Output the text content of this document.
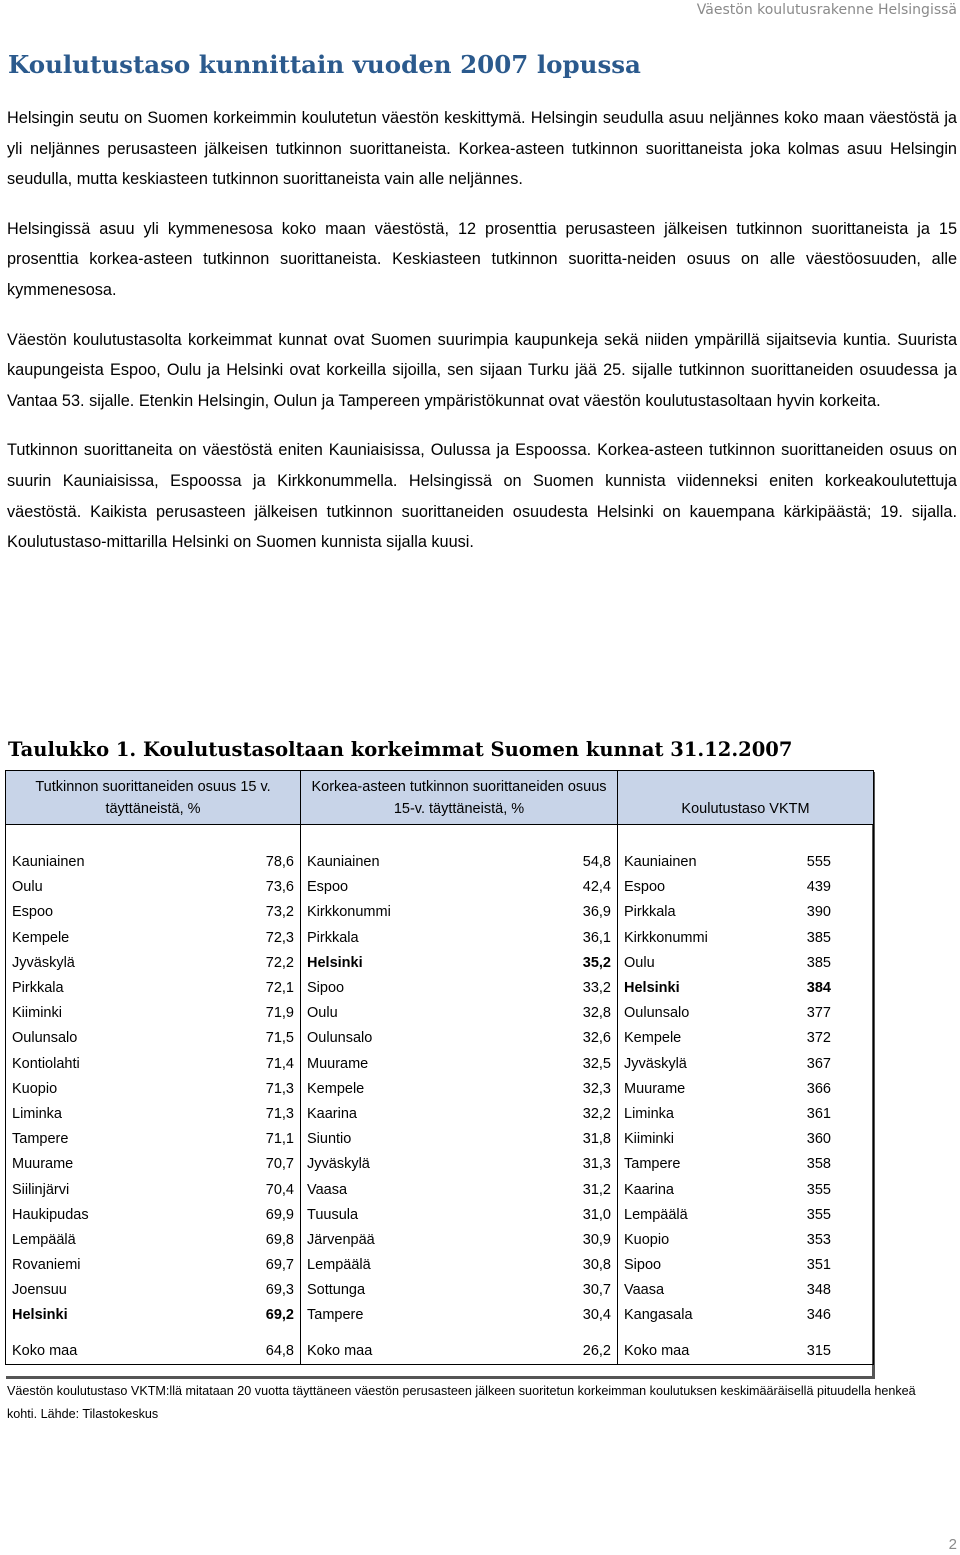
Väestön koulutusrakenne Helsingissä
Koulutustaso kunnittain vuoden 2007 lopussa

Helsingin seutu on Suomen korkeimmin koulutetun väestön keskittymä. Helsingin seudulla asuu neljännes koko maan väestöstä ja yli neljännes perusasteen jälkeisen tutkinnon suorittaneista. Korkea-asteen tutkinnon suorittaneista joka kolmas asuu Helsingin seudulla, mutta keskiasteen tutkinnon suorittaneista vain alle neljännes.

Helsingissä asuu yli kymmenesosa koko maan väestöstä, 12 prosenttia perusasteen jälkeisen tutkinnon suorittaneista ja 15 prosenttia korkea-asteen tutkinnon suorittaneista. Keskiasteen tutkinnon suoritta-neiden osuus on alle väestöosuuden, alle kymmenesosa.

Väestön koulutustasolta korkeimmat kunnat ovat Suomen suurimpia kaupunkeja sekä niiden ympärillä sijaitsevia kuntia. Suurista kaupungeista Espoo, Oulu ja Helsinki ovat korkeilla sijoilla, sen sijaan Turku jää 25. sijalle tutkinnon suorittaneiden osuudessa ja Vantaa 53. sijalle. Etenkin Helsingin, Oulun ja Tampereen ympäristökunnat ovat väestön koulutustasoltaan hyvin korkeita.

Tutkinnon suorittaneita on väestöstä eniten Kauniaisissa, Oulussa ja Espoossa. Korkea-asteen tutkinnon suorittaneiden osuus on suurin Kauniaisissa, Espoossa ja Kirkkonummella. Helsingissä on Suomen kunnista viidenneksi eniten korkeakoulutettuja väestöstä. Kaikista perusasteen jälkeisen tutkinnon suorittaneiden osuudesta Helsinki on kauempana kärkipäästä; 19. sijalla. Koulutustaso-mittarilla Helsinki on Suomen kunnista sijalla kuusi.

Taulukko 1. Koulutustasoltaan korkeimmat Suomen kunnat 31.12.2007
Tutkinnon suorittaneiden osuus 15 v. täyttäneistä, %		Korkea-asteen tutkinnon suorittaneiden osuus 15-v. täyttäneistä, %		Koulutustaso VKTM	

Kauniainen	78,6	Kauniainen	54,8	Kauniainen	555
Oulu	73,6	Espoo	42,4	Espoo	439
Espoo	73,2	Kirkkonummi	36,9	Pirkkala	390
Kempele	72,3	Pirkkala	36,1	Kirkkonummi	385
Jyväskylä	72,2	Helsinki	35,2	Oulu	385
Pirkkala	72,1	Sipoo	33,2	Helsinki	384
Kiiminki	71,9	Oulu	32,8	Oulunsalo	377
Oulunsalo	71,5	Oulunsalo	32,6	Kempele	372
Kontiolahti	71,4	Muurame	32,5	Jyväskylä	367
Kuopio	71,3	Kempele	32,3	Muurame	366
Liminka	71,3	Kaarina	32,2	Liminka	361
Tampere	71,1	Siuntio	31,8	Kiiminki	360
Muurame	70,7	Jyväskylä	31,3	Tampere	358
Siilinjärvi	70,4	Vaasa	31,2	Kaarina	355
Haukipudas	69,9	Tuusula	31,0	Lempäälä	355
Lempäälä	69,8	Järvenpää	30,9	Kuopio	353
Rovaniemi	69,7	Lempäälä	30,8	Sipoo	351
Joensuu	69,3	Sottunga	30,7	Vaasa	348
Helsinki	69,2	Tampere	30,4	Kangasala	346

Koko maa	64,8	Koko maa	26,2	Koko maa	315
Väestön koulutustaso VKTM:llä mitataan 20 vuotta täyttäneen väestön perusasteen jälkeen suoritetun korkeimman koulutuksen keskimääräisellä pituudella henkeä kohti. Lähde: Tilastokeskus
2
